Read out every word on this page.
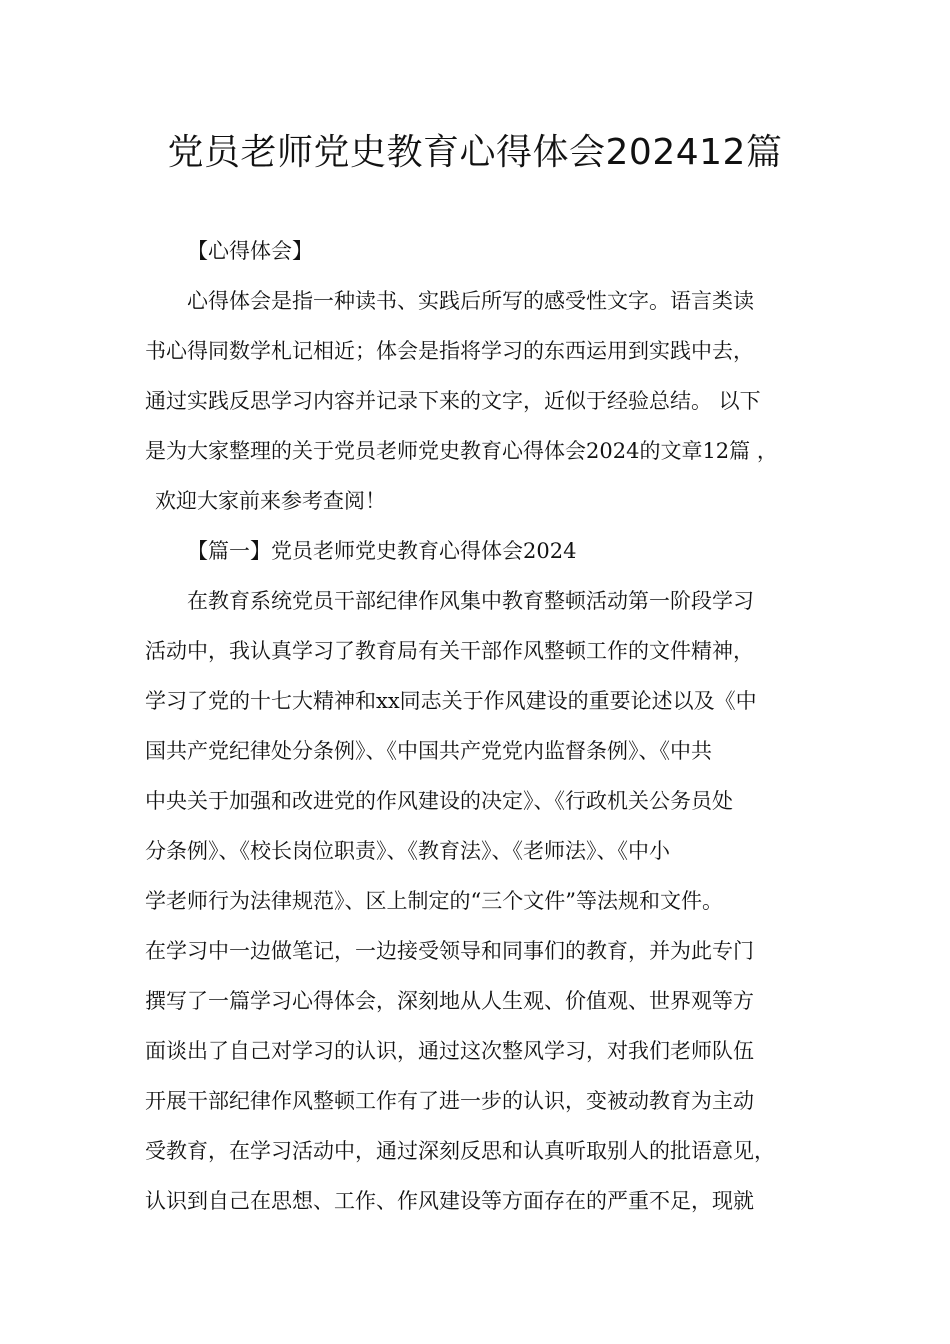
党员老师党史教育心得体会202412篇
【心得体会】
心得体会是指一种读书、实践后所写的感受性文字。语言类读
书心得同数学札记相近；体会是指将学习的东西运用到实践中去，
通过实践反思学习内容并记录下来的文字，近似于经验总结。 以下
是为大家整理的关于党员老师党史教育心得体会2024的文章12篇 ，
欢迎大家前来参考查阅！
【篇一】党员老师党史教育心得体会2024
在教育系统党员干部纪律作风集中教育整顿活动第一阶段学习
活动中，我认真学习了教育局有关干部作风整顿工作的文件精神，
学习了党的十七大精神和xx同志关于作风建设的重要论述以及《中
国共产党纪律处分条例》、《中国共产党党内监督条例》、《中共
中央关于加强和改进党的作风建设的决定》、《行政机关公务员处
分条例》、《校长岗位职责》、《教育法》、《老师法》、《中小
学老师行为法律规范》、区上制定的“三个文件”等法规和文件。
在学习中一边做笔记，一边接受领导和同事们的教育，并为此专门
撰写了一篇学习心得体会，深刻地从人生观、价值观、世界观等方
面谈出了自己对学习的认识，通过这次整风学习，对我们老师队伍
开展干部纪律作风整顿工作有了进一步的认识，变被动教育为主动
受教育，在学习活动中，通过深刻反思和认真听取别人的批语意见，
认识到自己在思想、工作、作风建设等方面存在的严重不足，现就
